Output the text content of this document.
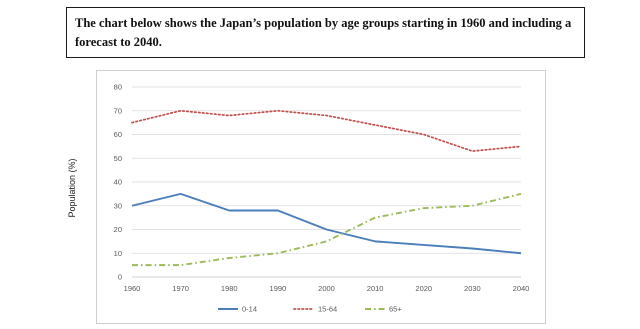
The chart below shows the Japan’s population by age groups starting in 1960 and including a forecast to 2040.
0
10
20
30
40
50
60
70
80
1960	1970	1980	1990	2000	2010	2020	2030	2040
Population (%)
0-14	15-64	65+
